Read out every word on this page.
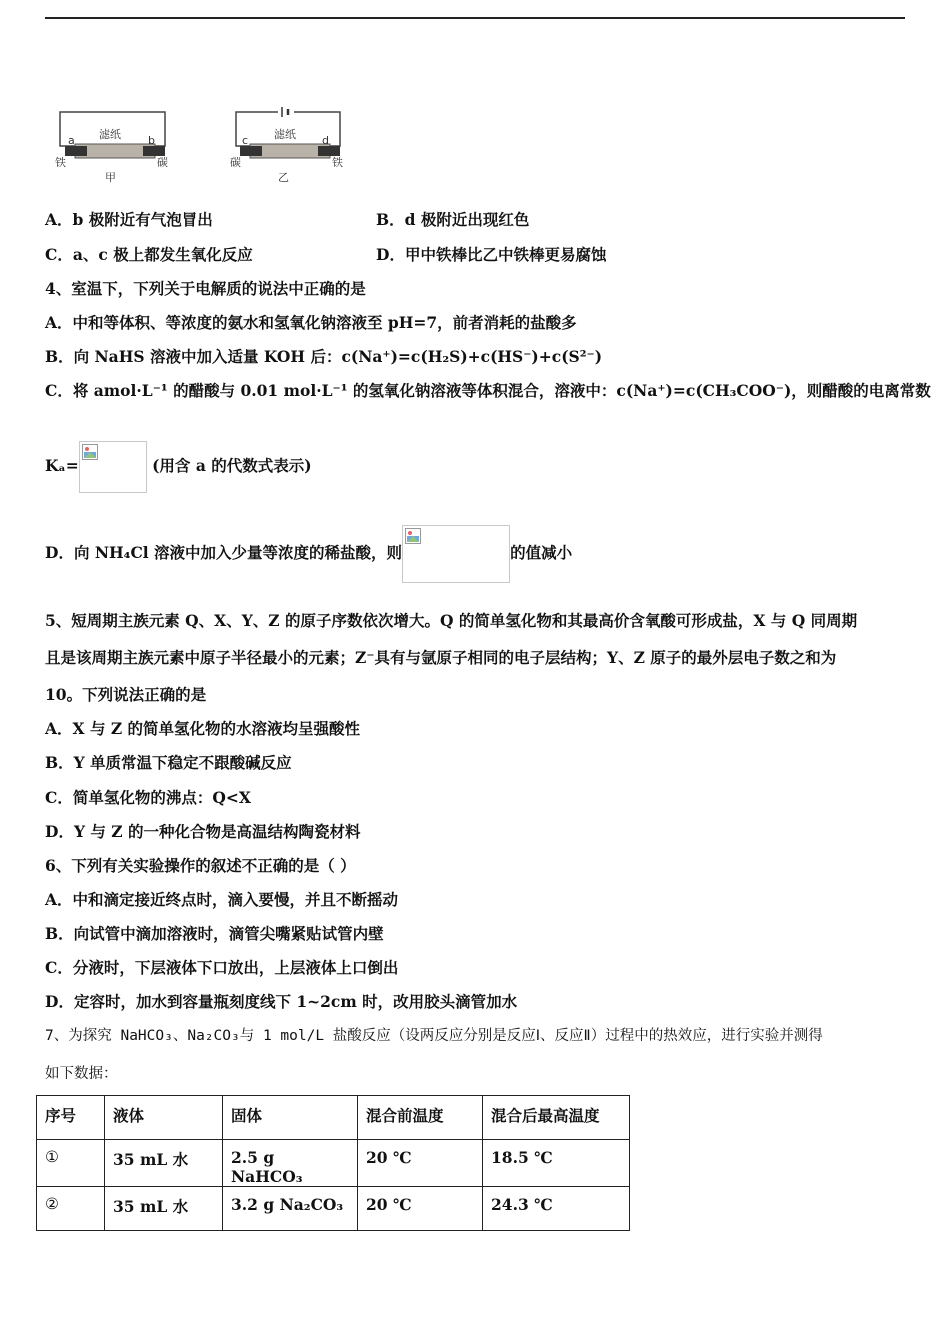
滤纸
a	b
铁	碳
甲
滤纸
c	d
碳	铁
乙
A．b 极附近有气泡冒出	B．d 极附近出现红色
C．a、c 极上都发生氧化反应	D．甲中铁棒比乙中铁棒更易腐蚀
4、室温下，下列关于电解质的说法中正确的是
A．中和等体积、等浓度的氨水和氢氧化钠溶液至 pH=7，前者消耗的盐酸多
B．向 NaHS 溶液中加入适量 KOH 后：c(Na⁺)=c(H₂S)+c(HS⁻)+c(S²⁻)
C．将 amol·L⁻¹ 的醋酸与 0.01 mol·L⁻¹ 的氢氧化钠溶液等体积混合，溶液中：c(Na⁺)=c(CH₃COO⁻)，则醋酸的电离常数
Kₐ=	(用含 a 的代数式表示)
D．向 NH₄Cl 溶液中加入少量等浓度的稀盐酸，则	的值减小
5、短周期主族元素 Q、X、Y、Z 的原子序数依次增大。Q 的简单氢化物和其最高价含氧酸可形成盐，X 与 Q 同周期
且是该周期主族元素中原子半径最小的元素；Z⁻具有与氩原子相同的电子层结构；Y、Z 原子的最外层电子数之和为
10。下列说法正确的是
A．X 与 Z 的简单氢化物的水溶液均呈强酸性
B．Y 单质常温下稳定不跟酸碱反应
C．简单氢化物的沸点：Q<X
D．Y 与 Z 的一种化合物是高温结构陶瓷材料
6、下列有关实验操作的叙述不正确的是（ ）
A．中和滴定接近终点时，滴入要慢，并且不断摇动
B．向试管中滴加溶液时，滴管尖嘴紧贴试管内壁
C．分液时，下层液体下口放出，上层液体上口倒出
D．定容时，加水到容量瓶刻度线下 1~2cm 时，改用胶头滴管加水
7、为探究 NaHCO₃、Na₂CO₃与 1 mol/L 盐酸反应（设两反应分别是反应Ⅰ、反应Ⅱ）过程中的热效应，进行实验并测得
如下数据：
序号	液体	固体	混合前温度	混合后最高温度
①	35 mL 水	2.5 g NaHCO₃	20 ℃	18.5 ℃
②	35 mL 水	3.2 g Na₂CO₃	20 ℃	24.3 ℃
